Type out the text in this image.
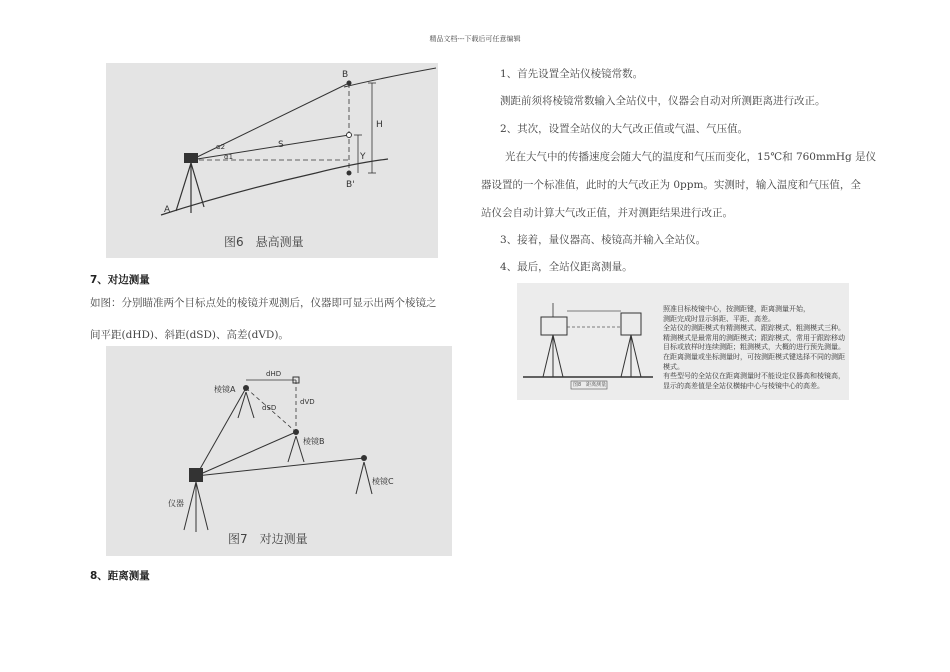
精品文档---下载后可任意编辑
A
B
B'
S
H
Y
α1
α2
图6　悬高测量
7、对边测量
如图：分别瞄准两个目标点处的棱镜并观测后，仪器即可显示出两个棱镜之
间平距(dHD)、斜距(dSD)、高差(dVD)。
棱镜A
棱镜B
棱镜C
仪器
dHD
dSD
dVD
图7　对边测量
8、距离测量
1、首先设置全站仪棱镜常数。
测距前须将棱镜常数输入全站仪中，仪器会自动对所测距离进行改正。
2、其次，设置全站仪的大气改正值或气温、气压值。
光在大气中的传播速度会随大气的温度和气压而变化，15℃和 760mmHg 是仪
器设置的一个标准值，此时的大气改正为 0ppm。实测时，输入温度和气压值，全
站仪会自动计算大气改正值，并对测距结果进行改正。
3、接着，量仪器高、棱镜高并输入全站仪。
4、最后，全站仪距离测量。
图8　距离测量
照准目标棱镜中心，按测距键，距离测量开始，
测距完成时显示斜距、平距、高差。
全站仪的测距模式有精测模式、跟踪模式、粗测模式三种。
精测模式是最常用的测距模式；跟踪模式，常用于跟踪移动
目标或放样时连续测距；粗测模式，大概的进行预先测量。
在距离测量或坐标测量时，可按测距模式键选择不同的测距
模式。
有些型号的全站仪在距离测量时不能设定仪器高和棱镜高，
显示的高差值是全站仪横轴中心与棱镜中心的高差。
